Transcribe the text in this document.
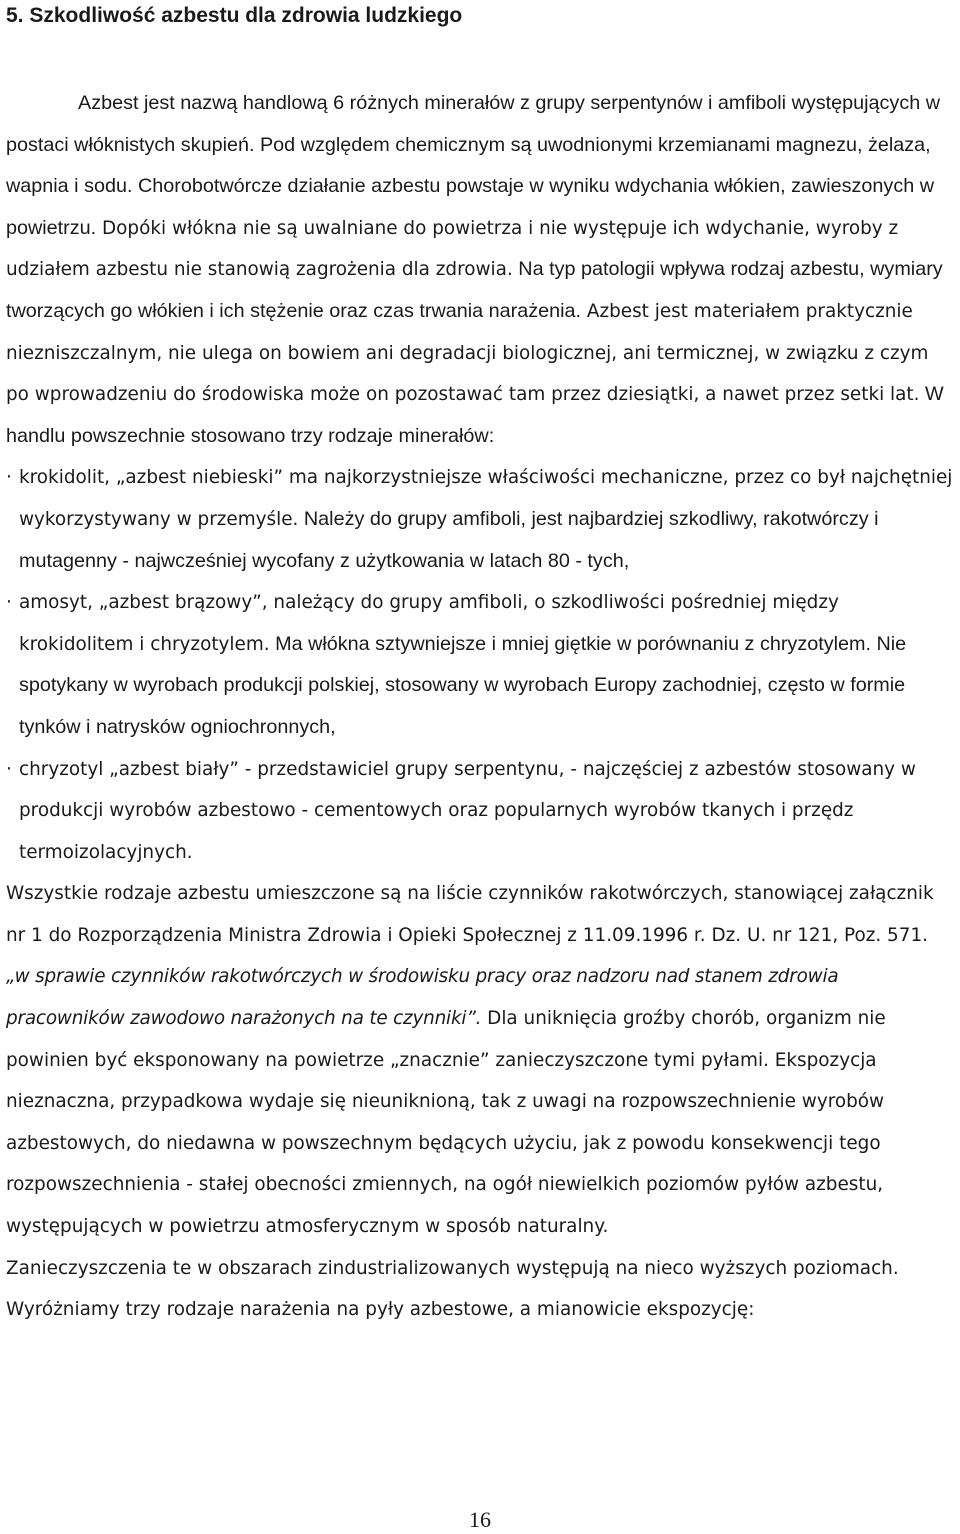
5. Szkodliwość azbestu dla zdrowia ludzkiego

Azbest jest nazwą handlową 6 różnych minerałów z grupy serpentynów i amfiboli występujących w postaci włóknistych skupień. Pod względem chemicznym są uwodnionymi krzemianami magnezu, żelaza, wapnia i sodu. Chorobotwórcze działanie azbestu powstaje w wyniku wdychania włókien, zawieszonych w powietrzu. Dopóki włókna nie są uwalniane do powietrza i nie występuje ich wdychanie, wyroby z udziałem azbestu nie stanowią zagrożenia dla zdrowia. Na typ patologii wpływa rodzaj azbestu, wymiary tworzących go włókien i ich stężenie oraz czas trwania narażenia. Azbest jest materiałem praktycznie niezniszczalnym, nie ulega on bowiem ani degradacji biologicznej, ani termicznej, w związku z czym po wprowadzeniu do środowiska może on pozostawać tam przez dziesiątki, a nawet przez setki lat. W handlu powszechnie stosowano trzy rodzaje minerałów:

· krokidolit, „azbest niebieski” ma najkorzystniejsze właściwości mechaniczne, przez co był najchętniej wykorzystywany w przemyśle. Należy do grupy amfiboli, jest najbardziej szkodliwy, rakotwórczy i mutagenny - najwcześniej wycofany z użytkowania w latach 80 - tych,
· amosyt, „azbest brązowy”, należący do grupy amfiboli, o szkodliwości pośredniej między krokidolitem i chryzotylem. Ma włókna sztywniejsze i mniej giętkie w porównaniu z chryzotylem. Nie spotykany w wyrobach produkcji polskiej, stosowany w wyrobach Europy zachodniej, często w formie tynków i natrysków ogniochronnych,
· chryzotyl „azbest biały” - przedstawiciel grupy serpentynu, - najczęściej z azbestów stosowany w produkcji wyrobów azbestowo - cementowych oraz popularnych wyrobów tkanych i przędz termoizolacyjnych.

Wszystkie rodzaje azbestu umieszczone są na liście czynników rakotwórczych, stanowiącej załącznik nr 1 do Rozporządzenia Ministra Zdrowia i Opieki Społecznej z 11.09.1996 r. Dz. U. nr 121, Poz. 571. „w sprawie czynników rakotwórczych w środowisku pracy oraz nadzoru nad stanem zdrowia pracowników zawodowo narażonych na te czynniki”. Dla uniknięcia groźby chorób, organizm nie powinien być eksponowany na powietrze „znacznie” zanieczyszczone tymi pyłami. Ekspozycja nieznaczna, przypadkowa wydaje się nieuniknioną, tak z uwagi na rozpowszechnienie wyrobów azbestowych, do niedawna w powszechnym będących użyciu, jak z powodu konsekwencji tego rozpowszechnienia - stałej obecności zmiennych, na ogół niewielkich poziomów pyłów azbestu, występujących w powietrzu atmosferycznym w sposób naturalny.

Zanieczyszczenia te w obszarach zindustrializowanych występują na nieco wyższych poziomach. Wyróżniamy trzy rodzaje narażenia na pyły azbestowe, a mianowicie ekspozycję:

16
